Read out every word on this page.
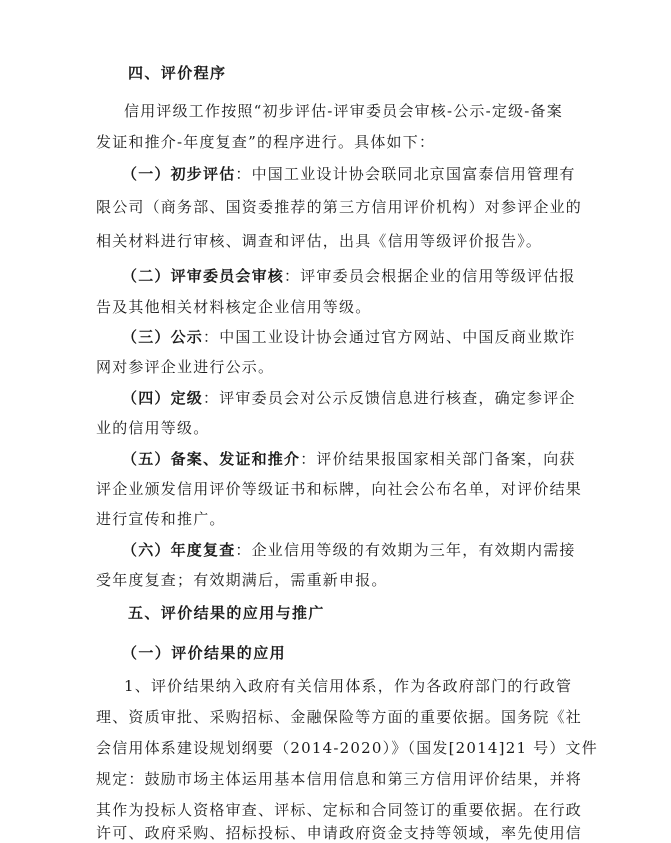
四、评价程序
信用评级工作按照“初步评估-评审委员会审核-公示-定级-备案
发证和推介-年度复查”的程序进行。具体如下：
（一）初步评估：中国工业设计协会联同北京国富泰信用管理有
限公司（商务部、国资委推荐的第三方信用评价机构）对参评企业的
相关材料进行审核、调查和评估，出具《信用等级评价报告》。
（二）评审委员会审核：评审委员会根据企业的信用等级评估报
告及其他相关材料核定企业信用等级。
（三）公示：中国工业设计协会通过官方网站、中国反商业欺诈
网对参评企业进行公示。
（四）定级：评审委员会对公示反馈信息进行核查，确定参评企
业的信用等级。
（五）备案、发证和推介：评价结果报国家相关部门备案，向获
评企业颁发信用评价等级证书和标牌，向社会公布名单，对评价结果
进行宣传和推广。
（六）年度复查：企业信用等级的有效期为三年，有效期内需接
受年度复查；有效期满后，需重新申报。
五、评价结果的应用与推广
（一）评价结果的应用
1、评价结果纳入政府有关信用体系，作为各政府部门的行政管
理、资质审批、采购招标、金融保险等方面的重要依据。国务院《社
会信用体系建设规划纲要（2014-2020）》（国发[2014]21 号）文件
规定：鼓励市场主体运用基本信用信息和第三方信用评价结果，并将
其作为投标人资格审查、评标、定标和合同签订的重要依据。在行政
许可、政府采购、招标投标、申请政府资金支持等领域，率先使用信
